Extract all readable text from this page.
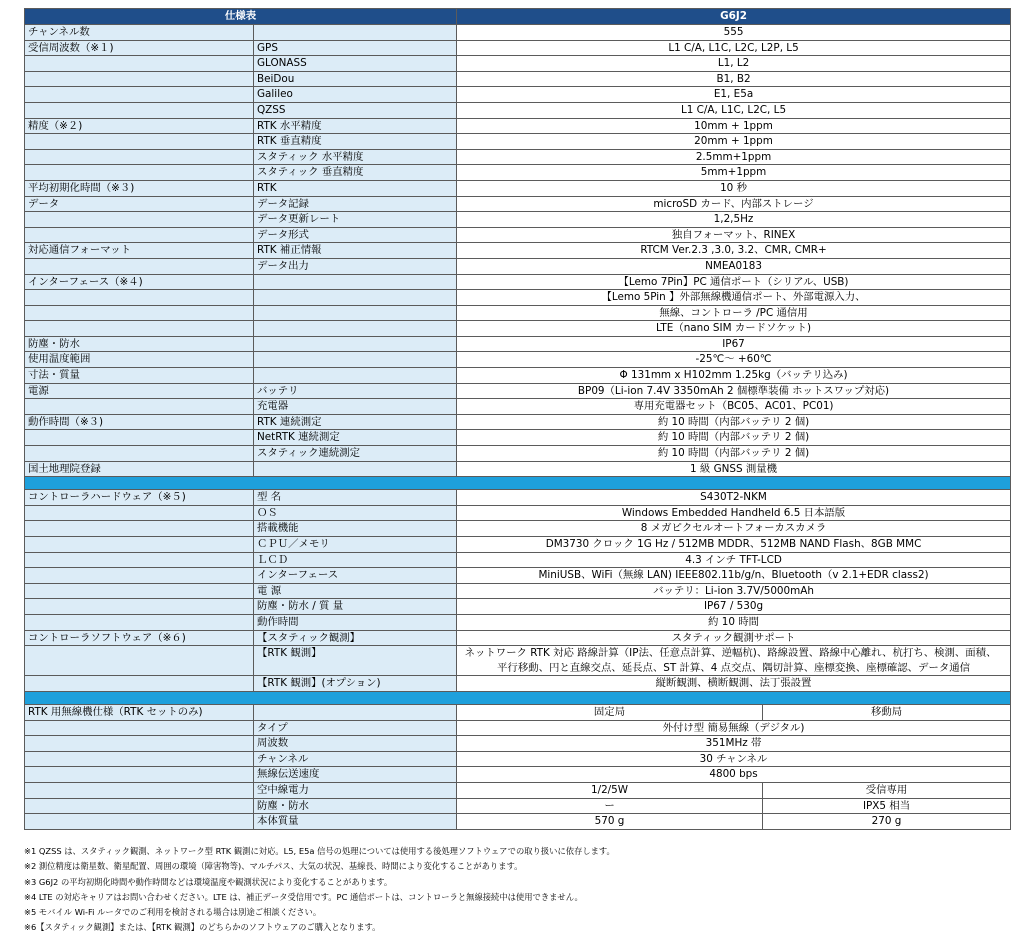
仕様表		G6J2	
チャンネル数		555	
受信周波数（※１)	GPS	L1 C/A, L1C, L2C, L2P, L5	
	GLONASS	L1, L2	
	BeiDou	B1, B2	
	Galileo	E1, E5a	
	QZSS	L1 C/A, L1C, L2C, L5	
精度（※２)	RTK 水平精度	10mm + 1ppm	
	RTK 垂直精度	20mm + 1ppm	
	スタティック 水平精度	2.5mm+1ppm	
	スタティック 垂直精度	5mm+1ppm	
平均初期化時間（※３)	RTK	10 秒	
データ	データ記録	microSD カード、内部ストレージ	
	データ更新レート	1,2,5Hz	
	データ形式	独自フォーマット、RINEX	
対応通信フォーマット	RTK 補正情報	RTCM Ver.2.3 ,3.0, 3.2、CMR, CMR+	
	データ出力	NMEA0183	
インターフェース（※４)		【Lemo 7Pin】PC 通信ポート（シリアル、USB)	
		【Lemo 5Pin 】外部無線機通信ポート、外部電源入力、	
		無線、コントローラ /PC 通信用	
		LTE（nano SIM カードソケット)	
防塵・防水		IP67	
使用温度範囲		-25℃～ +60℃	
寸法・質量		Φ 131mm x H102mm 1.25kg（バッテリ込み)	
電源	バッテリ	BP09（Li-ion 7.4V 3350mAh 2 個標準装備 ホットスワップ対応)	
	充電器	専用充電器セット（BC05、AC01、PC01)	
動作時間（※３)	RTK 連続測定	約 10 時間（内部バッテリ 2 個)	
	NetRTK 連続測定	約 10 時間（内部バッテリ 2 個)	
	スタティック連続測定	約 10 時間（内部バッテリ 2 個)	
国土地理院登録		1 級 GNSS 測量機	

コントローラハードウェア（※５)	型 名	S430T2-NKM	
	ＯＳ	Windows Embedded Handheld 6.5 日本語版	
	搭載機能	8 メガピクセルオートフォーカスカメラ	
	ＣＰＵ／メモリ	DM3730 クロック 1G Hz / 512MB MDDR、512MB NAND Flash、8GB MMC	
	ＬＣＤ	4.3 インチ TFT-LCD	
	インターフェース	MiniUSB、WiFi（無線 LAN) IEEE802.11b/g/n、Bluetooth（v 2.1+EDR class2)	
	電 源	バッテリ：Li-ion 3.7V/5000mAh	
	防塵・防水 / 質 量	IP67 / 530g	
	動作時間	約 10 時間	
コントローラソフトウェア（※６)	【スタティック観測】	スタティック観測サポート	
	【RTK 観測】	ネットワーク RTK 対応 路線計算（IP法、任意点計算、逆幅杭)、路線設置、路線中心離れ、杭打ち、検測、面積、
平行移動、円と直線交点、延長点、ST 計算、4 点交点、隅切計算、座標変換、座標確認、データ通信	

	【RTK 観測】(オプション)	縦断観測、横断観測、法丁張設置	

RTK 用無線機仕様（RTK セットのみ)		固定局	移動局
	タイプ	外付け型 簡易無線（デジタル)	
	周波数	351MHz 帯	
	チャンネル	30 チャンネル	
	無線伝送速度	4800 bps	
	空中線電力	1/2/5W	受信専用
	防塵・防水	ー	IPX5 相当
	本体質量	570 g	270 g
※1 QZSS は、スタティック観測、ネットワーク型 RTK 観測に対応。L5, E5a 信号の処理については使用する後処理ソフトウェアでの取り扱いに依存します。
※2 測位精度は衛星数、衛星配置、周囲の環境（障害物等)、マルチパス、大気の状況、基線長、時間により変化することがあります。
※3 G6J2 の平均初期化時間や動作時間などは環境温度や観測状況により変化することがあります。
※4 LTE の対応キャリアはお問い合わせください。LTE は、補正データ受信用です。PC 通信ポートは、コントローラと無線接続中は使用できません。
※5 モバイル Wi-Fi ルータでのご利用を検討される場合は別途ご相談ください。
※6【スタティック観測】または、【RTK 観測】のどちらかのソフトウェアのご購入となります。
